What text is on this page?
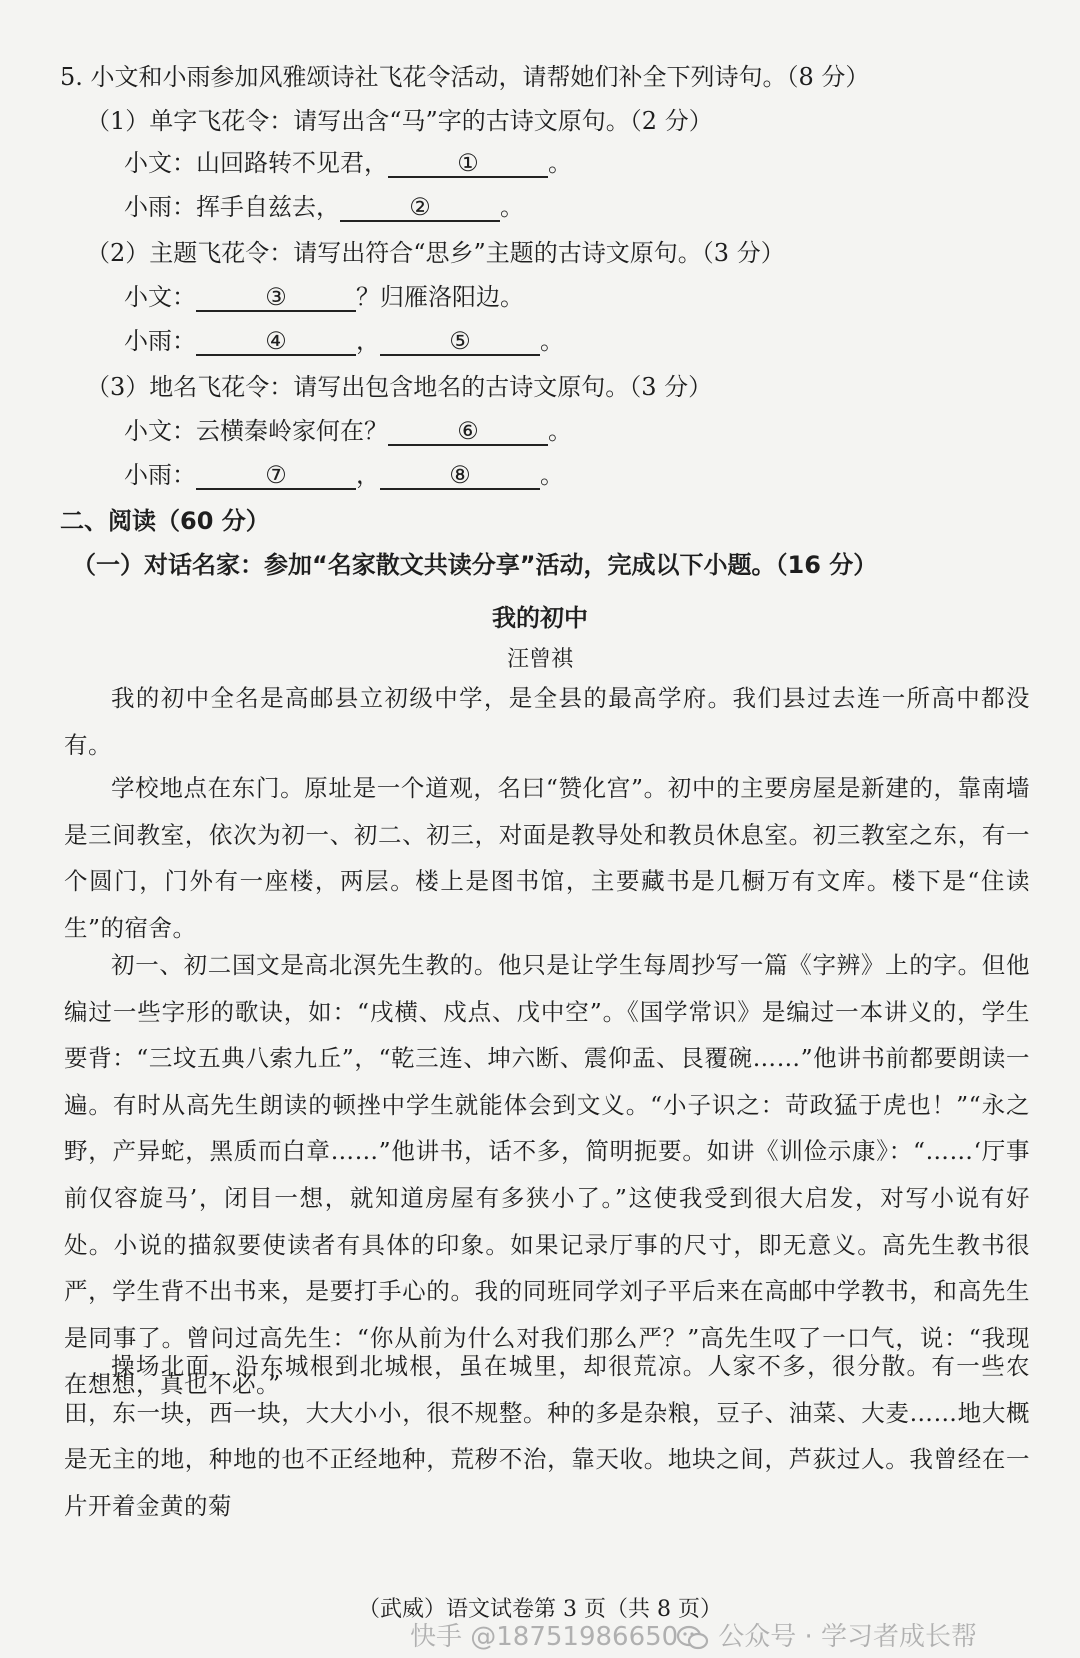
5. 小文和小雨参加风雅颂诗社飞花令活动，请帮她们补全下列诗句。（8 分）
（1）单字飞花令：请写出含“马”字的古诗文原句。（2 分）
小文：山回路转不见君，	①	。
小雨：挥手自兹去，	②	。
（2）主题飞花令：请写出符合“思乡”主题的古诗文原句。（3 分）
小文：	③	？归雁洛阳边。
小雨：	④	，	⑤	。
（3）地名飞花令：请写出包含地名的古诗文原句。（3 分）
小文：云横秦岭家何在？	⑥	。
小雨：	⑦	，	⑧	。
二、阅读（60 分）
（一）对话名家：参加“名家散文共读分享”活动，完成以下小题。（16 分）
我的初中
汪曾祺
我的初中全名是高邮县立初级中学，是全县的最高学府。我们县过去连一所高中都没有。
学校地点在东门。原址是一个道观，名曰“赞化宫”。初中的主要房屋是新建的，靠南墙是三间教室，依次为初一、初二、初三，对面是教导处和教员休息室。初三教室之东，有一个圆门，门外有一座楼，两层。楼上是图书馆，主要藏书是几橱万有文库。楼下是“住读生”的宿舍。
初一、初二国文是高北溟先生教的。他只是让学生每周抄写一篇《字辨》上的字。但他编过一些字形的歌诀，如：“戌横、戍点、戊中空”。《国学常识》是编过一本讲义的，学生要背：“三坟五典八索九丘”，“乾三连、坤六断、震仰盂、艮覆碗……”他讲书前都要朗读一遍。有时从高先生朗读的顿挫中学生就能体会到文义。“小子识之：苛政猛于虎也！”“永之野，产异蛇，黑质而白章……”他讲书，话不多，简明扼要。如讲《训俭示康》：“……‘厅事前仅容旋马’，闭目一想，就知道房屋有多狭小了。”这使我受到很大启发，对写小说有好处。小说的描叙要使读者有具体的印象。如果记录厅事的尺寸，即无意义。高先生教书很严，学生背不出书来，是要打手心的。我的同班同学刘子平后来在高邮中学教书，和高先生是同事了。曾问过高先生：“你从前为什么对我们那么严？”高先生叹了一口气，说：“我现在想想，真也不必。”
操场北面，沿东城根到北城根，虽在城里，却很荒凉。人家不多，很分散。有一些农田，东一块，西一块，大大小小，很不规整。种的多是杂粮，豆子、油菜、大麦……地大概是无主的地，种地的也不正经地种，荒秽不治，靠天收。地块之间，芦荻过人。我曾经在一片开着金黄的菊
（武威）语文试卷第 3 页（共 8 页）
快手 @18751986650	公众号 · 学习者成长帮
